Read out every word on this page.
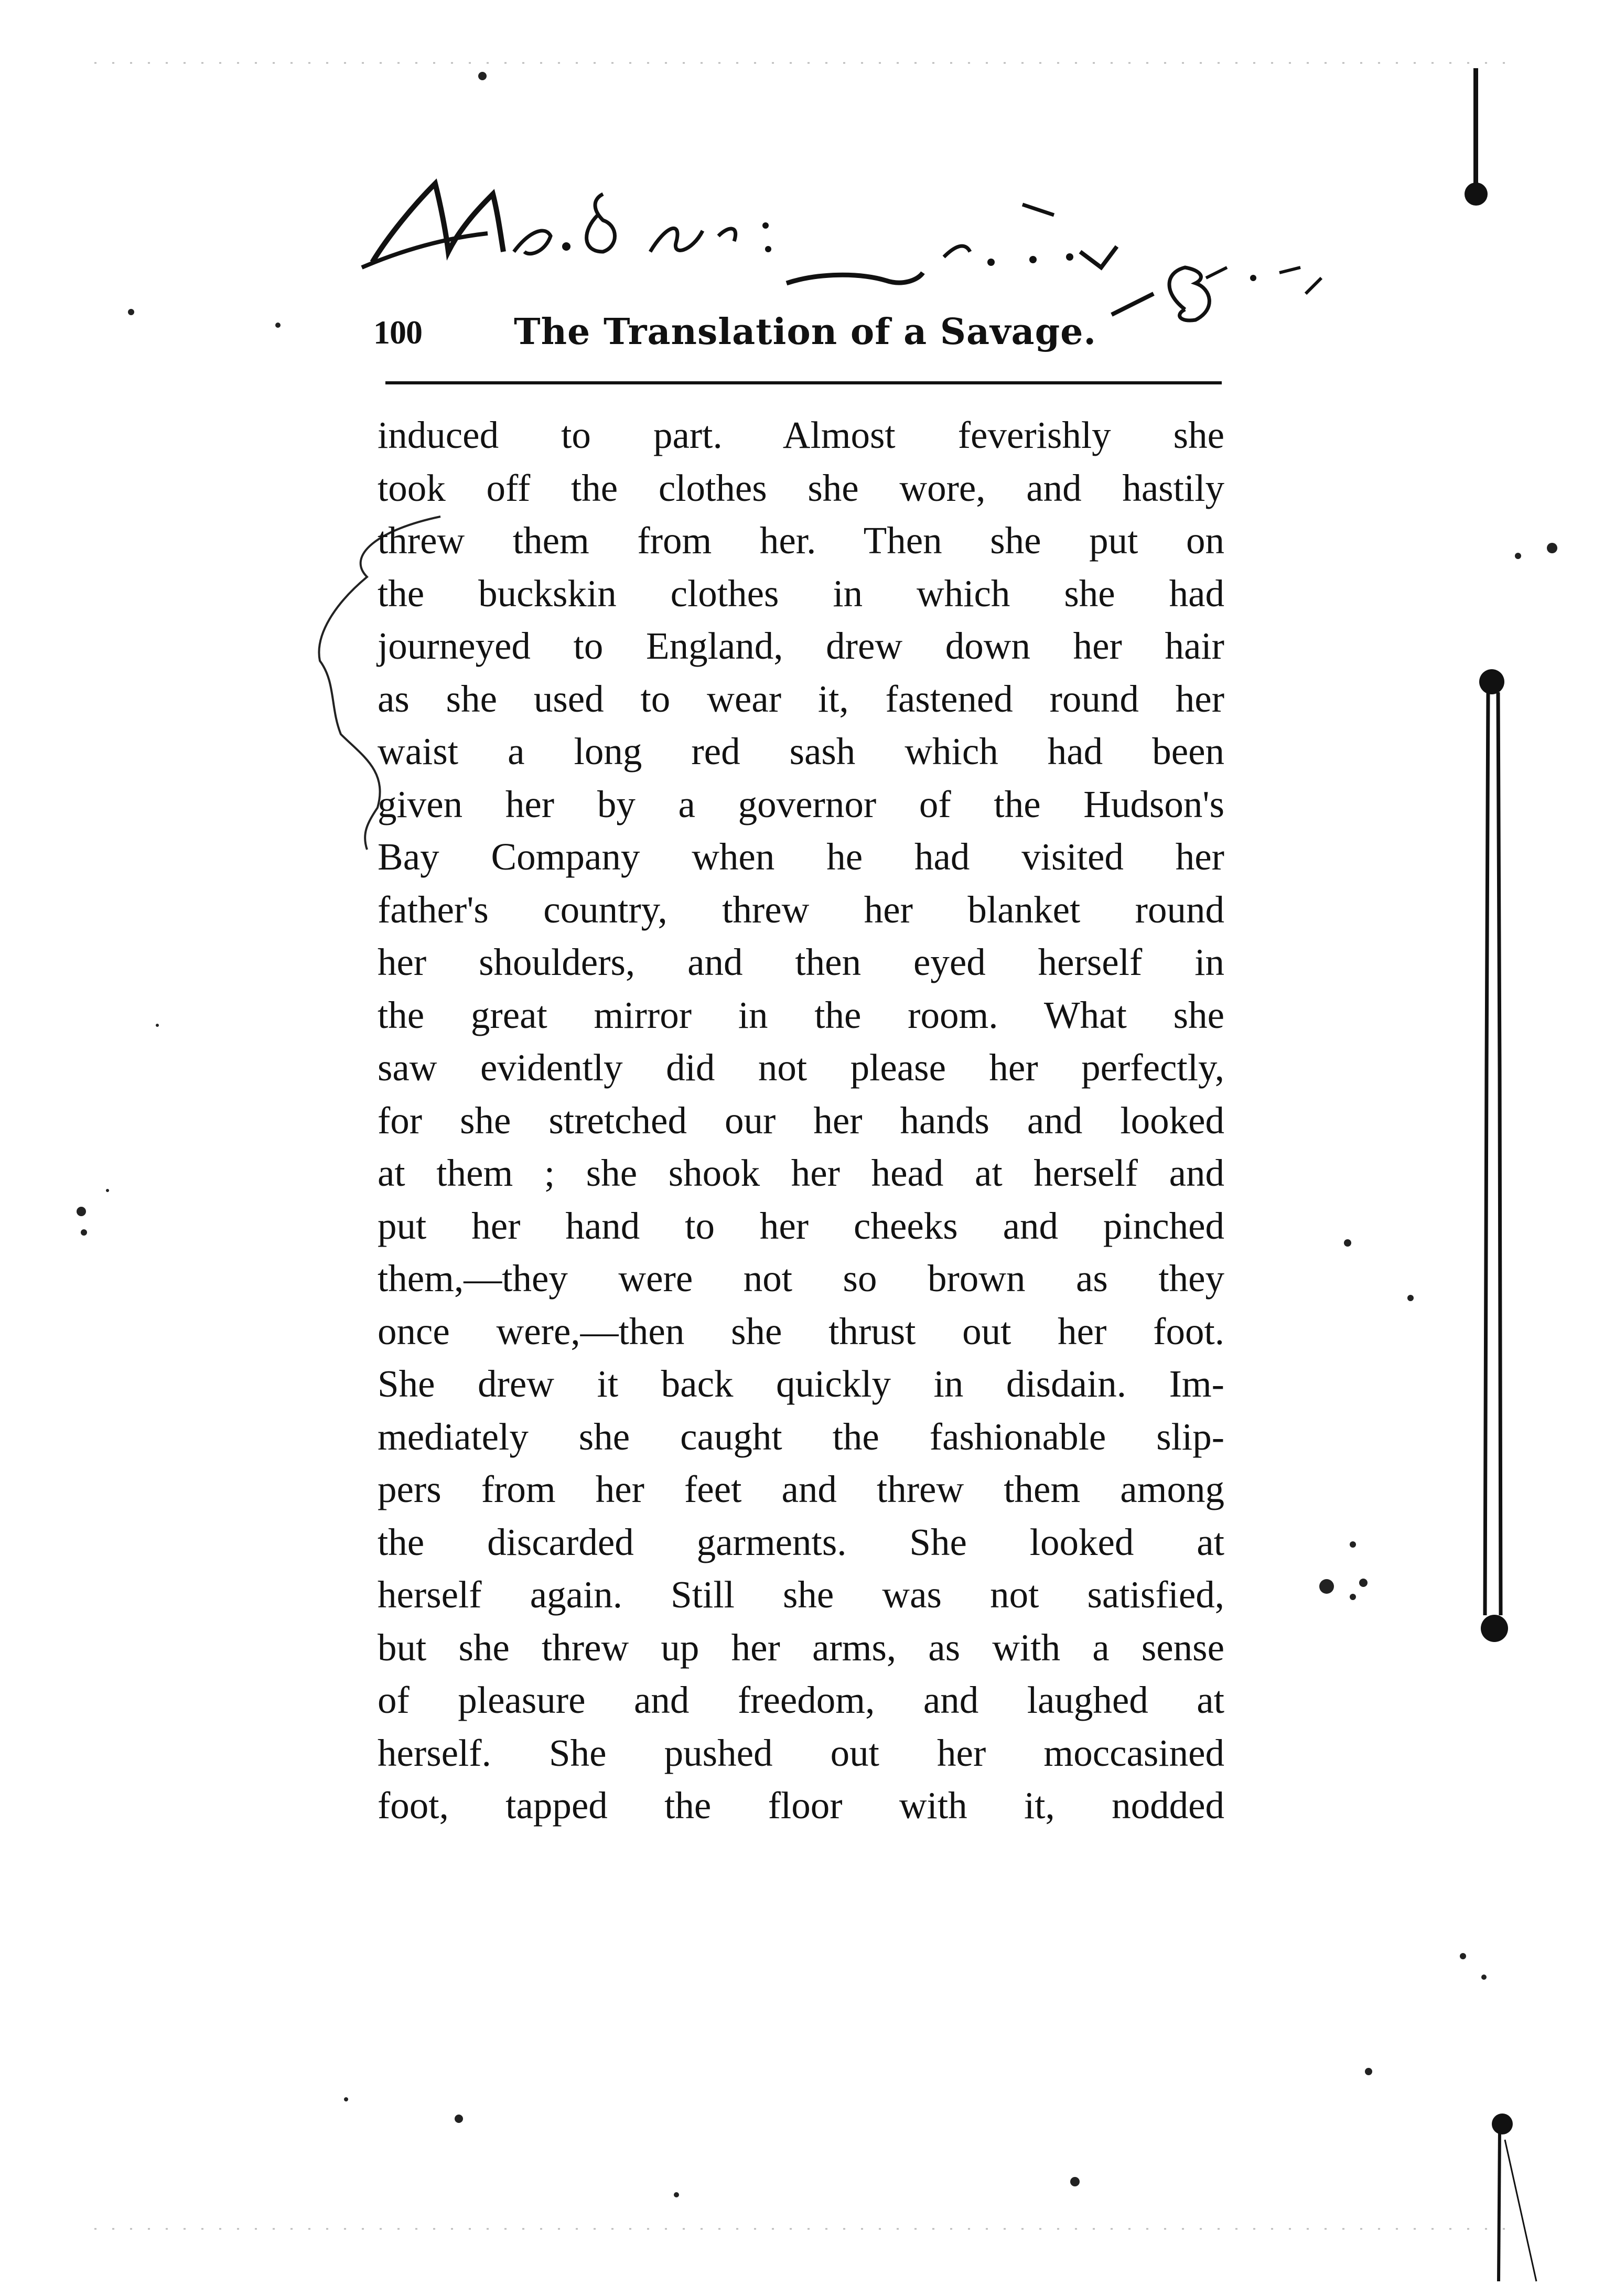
100	The Translation of a Savage.
induced to part. Almost feverishly she
took off the clothes she wore, and hastily
threw them from her. Then she put on
the buckskin clothes in which she had
journeyed to England, drew down her hair
as she used to wear it, fastened round her
waist a long red sash which had been
given her by a governor of the Hudson's
Bay Company when he had visited her
father's country, threw her blanket round
her shoulders, and then eyed herself in
the great mirror in the room. What she
saw evidently did not please her perfectly,
for she stretched our her hands and looked
at them ; she shook her head at herself and
put her hand to her cheeks and pinched
them,—they were not so brown as they
once were,—then she thrust out her foot.
She drew it back quickly in disdain. Im-
mediately she caught the fashionable slip-
pers from her feet and threw them among
the discarded garments. She looked at
herself again. Still she was not satisfied,
but she threw up her arms, as with a sense
of pleasure and freedom, and laughed at
herself. She pushed out her moccasined
foot, tapped the floor with it, nodded
